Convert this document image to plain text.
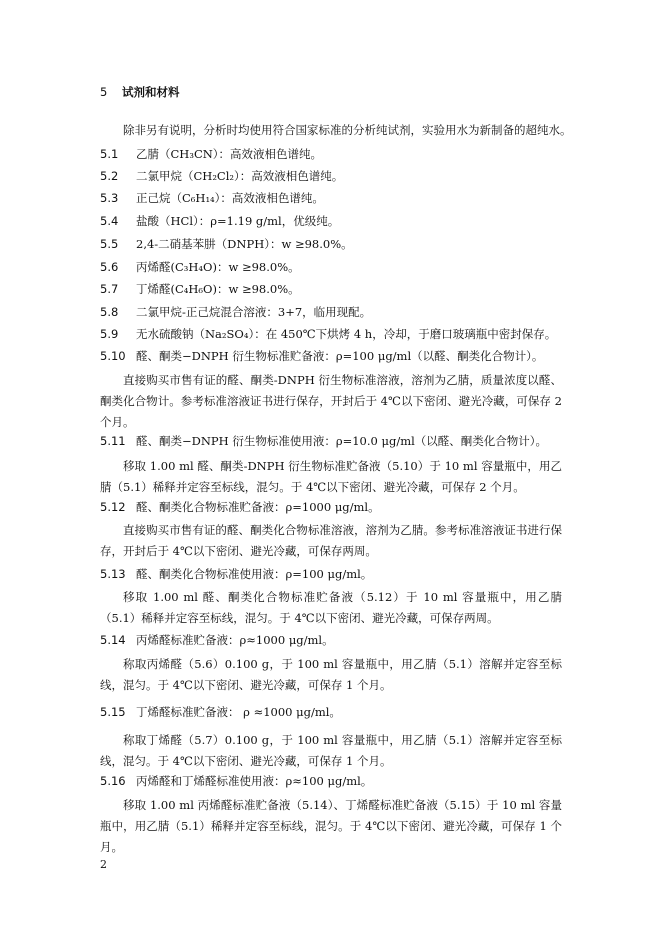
5 试剂和材料
除非另有说明，分析时均使用符合国家标准的分析纯试剂，实验用水为新制备的超纯水。
5.1 乙腈（CH₃CN）：高效液相色谱纯。
5.2 二氯甲烷（CH₂Cl₂）：高效液相色谱纯。
5.3 正己烷（C₆H₁₄）：高效液相色谱纯。
5.4 盐酸（HCl）：ρ=1.19 g/ml，优级纯。
5.5 2,4-二硝基苯肼（DNPH）：w ≥98.0%。
5.6 丙烯醛(C₃H₄O)：w ≥98.0%。
5.7 丁烯醛(C₄H₆O)：w ≥98.0%。
5.8 二氯甲烷-正己烷混合溶液：3+7，临用现配。
5.9 无水硫酸钠（Na₂SO₄）：在 450℃下烘烤 4 h，冷却，于磨口玻璃瓶中密封保存。
5.10 醛、酮类−DNPH 衍生物标准贮备液：ρ=100 μg/ml（以醛、酮类化合物计）。
直接购买市售有证的醛、酮类-DNPH 衍生物标准溶液，溶剂为乙腈，质量浓度以醛、酮类化合物计。参考标准溶液证书进行保存，开封后于 4℃以下密闭、避光冷藏，可保存 2 个月。
5.11 醛、酮类−DNPH 衍生物标准使用液：ρ=10.0 μg/ml（以醛、酮类化合物计）。
移取 1.00 ml 醛、酮类-DNPH 衍生物标准贮备液（5.10）于 10 ml 容量瓶中，用乙腈（5.1）稀释并定容至标线，混匀。于 4℃以下密闭、避光冷藏，可保存 2 个月。
5.12 醛、酮类化合物标准贮备液：ρ=1000 μg/ml。
直接购买市售有证的醛、酮类化合物标准溶液，溶剂为乙腈。参考标准溶液证书进行保存，开封后于 4℃以下密闭、避光冷藏，可保存两周。
5.13 醛、酮类化合物标准使用液：ρ=100 μg/ml。
移取 1.00 ml 醛、酮类化合物标准贮备液（5.12）于 10 ml 容量瓶中，用乙腈（5.1）稀释并定容至标线，混匀。于 4℃以下密闭、避光冷藏，可保存两周。
5.14 丙烯醛标准贮备液：ρ≈1000 μg/ml。
称取丙烯醛（5.6）0.100 g，于 100 ml 容量瓶中，用乙腈（5.1）溶解并定容至标线，混匀。于 4℃以下密闭、避光冷藏，可保存 1 个月。
5.15 丁烯醛标准贮备液： ρ ≈1000 μg/ml。
称取丁烯醛（5.7）0.100 g，于 100 ml 容量瓶中，用乙腈（5.1）溶解并定容至标线，混匀。于 4℃以下密闭、避光冷藏，可保存 1 个月。
5.16 丙烯醛和丁烯醛标准使用液：ρ≈100 μg/ml。
移取 1.00 ml 丙烯醛标准贮备液（5.14）、丁烯醛标准贮备液（5.15）于 10 ml 容量瓶中，用乙腈（5.1）稀释并定容至标线，混匀。于 4℃以下密闭、避光冷藏，可保存 1 个月。
2
